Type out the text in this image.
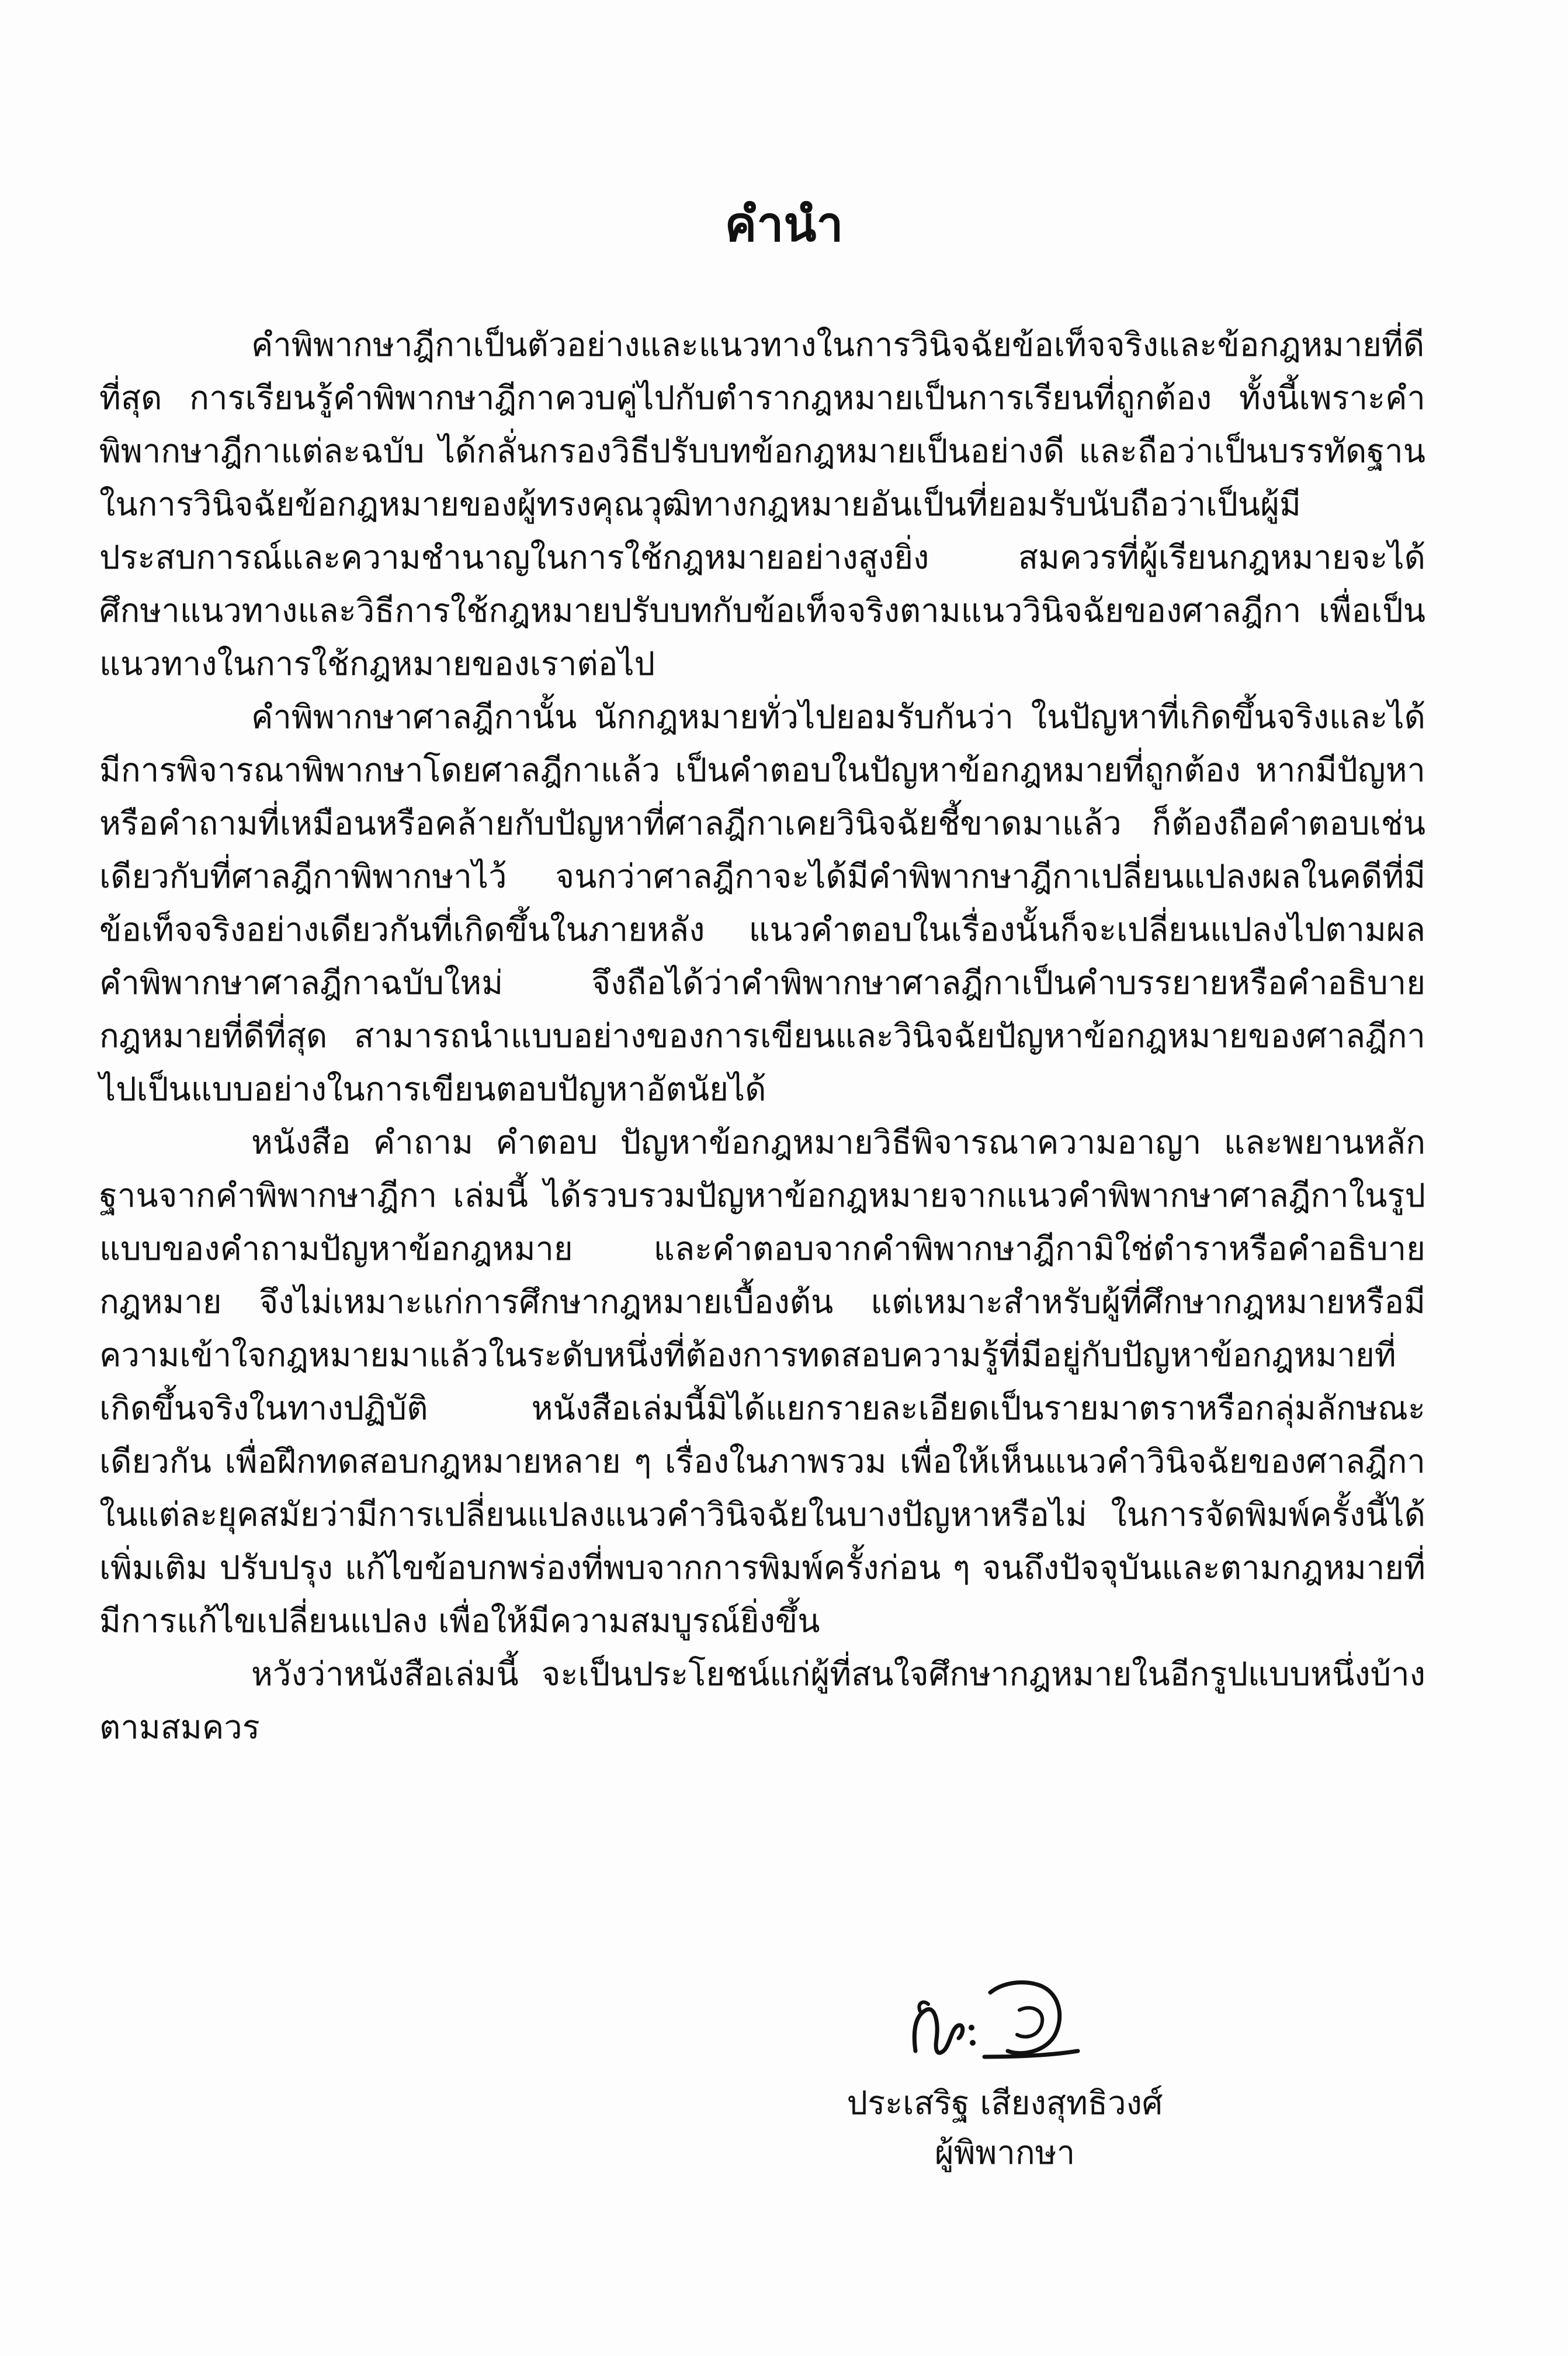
คำนำ

คำพิพากษาฎีกาเป็นตัวอย่างและแนวทางในการวินิจฉัยข้อเท็จจริงและข้อกฎหมายที่ดีที่สุด การเรียนรู้คำพิพากษาฎีกาควบคู่ไปกับตำรากฎหมายเป็นการเรียนที่ถูกต้อง ทั้งนี้เพราะคำพิพากษาฎีกาแต่ละฉบับ ได้กลั่นกรองวิธีปรับบทข้อกฎหมายเป็นอย่างดี และถือว่าเป็นบรรทัดฐานในการวินิจฉัยข้อกฎหมายของผู้ทรงคุณวุฒิทางกฎหมายอันเป็นที่ยอมรับนับถือว่าเป็นผู้มีประสบการณ์และความชำนาญในการใช้กฎหมายอย่างสูงยิ่ง สมควรที่ผู้เรียนกฎหมายจะได้ศึกษาแนวทางและวิธีการใช้กฎหมายปรับบทกับข้อเท็จจริงตามแนววินิจฉัยของศาลฎีกา เพื่อเป็นแนวทางในการใช้กฎหมายของเราต่อไป

คำพิพากษาศาลฎีกานั้น นักกฎหมายทั่วไปยอมรับกันว่า ในปัญหาที่เกิดขึ้นจริงและได้มีการพิจารณาพิพากษาโดยศาลฎีกาแล้ว เป็นคำตอบในปัญหาข้อกฎหมายที่ถูกต้อง หากมีปัญหาหรือคำถามที่เหมือนหรือคล้ายกับปัญหาที่ศาลฎีกาเคยวินิจฉัยชี้ขาดมาแล้ว ก็ต้องถือคำตอบเช่นเดียวกับที่ศาลฎีกาพิพากษาไว้ จนกว่าศาลฎีกาจะได้มีคำพิพากษาฎีกาเปลี่ยนแปลงผลในคดีที่มีข้อเท็จจริงอย่างเดียวกันที่เกิดขึ้นในภายหลัง แนวคำตอบในเรื่องนั้นก็จะเปลี่ยนแปลงไปตามผลคำพิพากษาศาลฎีกาฉบับใหม่ จึงถือได้ว่าคำพิพากษาศาลฎีกาเป็นคำบรรยายหรือคำอธิบายกฎหมายที่ดีที่สุด สามารถนำแบบอย่างของการเขียนและวินิจฉัยปัญหาข้อกฎหมายของศาลฎีกาไปเป็นแบบอย่างในการเขียนตอบปัญหาอัตนัยได้

หนังสือ คำถาม คำตอบ ปัญหาข้อกฎหมายวิธีพิจารณาความอาญา และพยานหลักฐานจากคำพิพากษาฎีกา เล่มนี้ ได้รวบรวมปัญหาข้อกฎหมายจากแนวคำพิพากษาศาลฎีกาในรูปแบบของคำถามปัญหาข้อกฎหมาย และคำตอบจากคำพิพากษาฎีกามิใช่ตำราหรือคำอธิบายกฎหมาย จึงไม่เหมาะแก่การศึกษากฎหมายเบื้องต้น แต่เหมาะสำหรับผู้ที่ศึกษากฎหมายหรือมีความเข้าใจกฎหมายมาแล้วในระดับหนึ่งที่ต้องการทดสอบความรู้ที่มีอยู่กับปัญหาข้อกฎหมายที่เกิดขึ้นจริงในทางปฏิบัติ หนังสือเล่มนี้มิได้แยกรายละเอียดเป็นรายมาตราหรือกลุ่มลักษณะเดียวกัน เพื่อฝึกทดสอบกฎหมายหลาย ๆ เรื่องในภาพรวม เพื่อให้เห็นแนวคำวินิจฉัยของศาลฎีกาในแต่ละยุคสมัยว่ามีการเปลี่ยนแปลงแนวคำวินิจฉัยในบางปัญหาหรือไม่ ในการจัดพิมพ์ครั้งนี้ได้เพิ่มเติม ปรับปรุง แก้ไขข้อบกพร่องที่พบจากการพิมพ์ครั้งก่อน ๆ จนถึงปัจจุบันและตามกฎหมายที่มีการแก้ไขเปลี่ยนแปลง เพื่อให้มีความสมบูรณ์ยิ่งขึ้น

หวังว่าหนังสือเล่มนี้ จะเป็นประโยชน์แก่ผู้ที่สนใจศึกษากฎหมายในอีกรูปแบบหนึ่งบ้างตามสมควร

ประเสริฐ เสียงสุทธิวงศ์
ผู้พิพากษา
